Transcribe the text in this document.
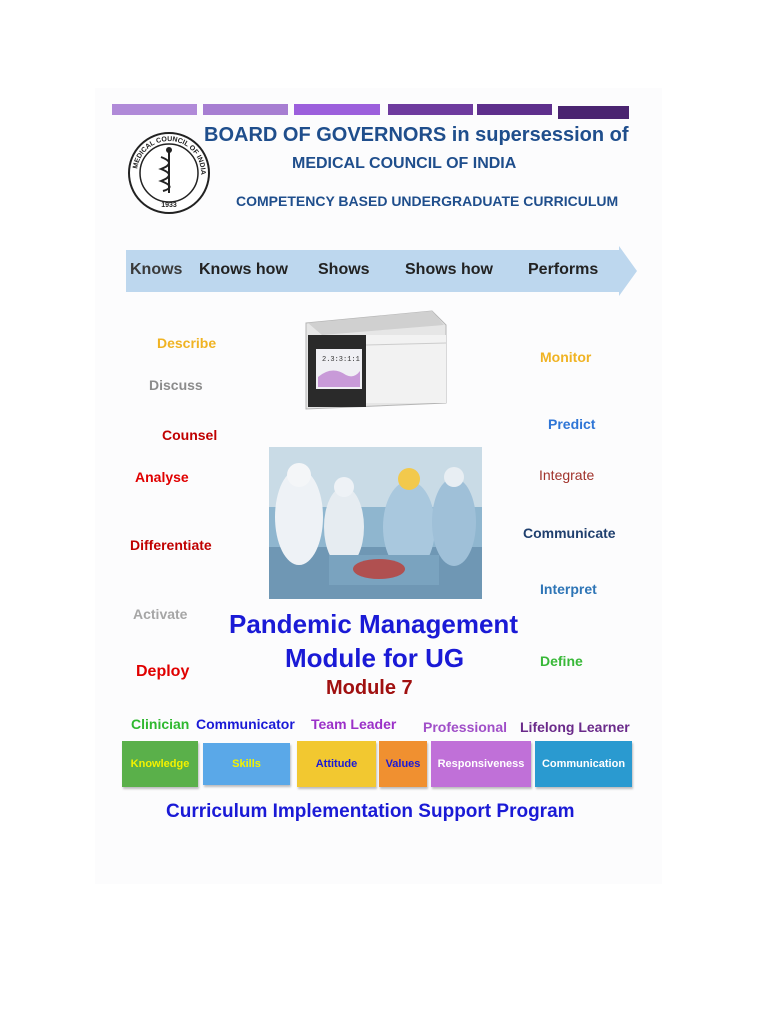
MEDICAL COUNCIL OF INDIA
1933
BOARD OF GOVERNORS in supersession of
MEDICAL COUNCIL OF INDIA
COMPETENCY BASED UNDERGRADUATE CURRICULUM
Knows Knows how Shows Shows how Performs
2.3:3:1:1
Describe
Discuss
Counsel
Analyse
Differentiate
Activate
Deploy
Monitor
Predict
Integrate
Communicate
Interpret
Define
Pandemic Management
Module for UG
Module 7
Clinician Communicator Team Leader Professional Lifelong Learner
Knowledge	Skills	Attitude	Values	Responsiveness	Communication
Curriculum Implementation Support Program
